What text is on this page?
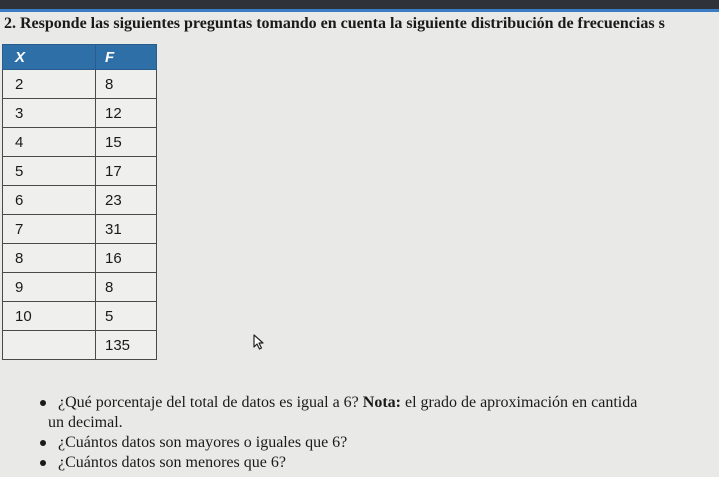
2. Responde las siguientes preguntas tomando en cuenta la siguiente distribución de frecuencias s
X	F
2	8
3	12
4	15
5	17
6	23
7	31
8	16
9	8
10	5
	135
¿Qué porcentaje del total de datos es igual a 6? Nota: el grado de aproximación en cantida
un decimal.
¿Cuántos datos son mayores o iguales que 6?
¿Cuántos datos son menores que 6?
